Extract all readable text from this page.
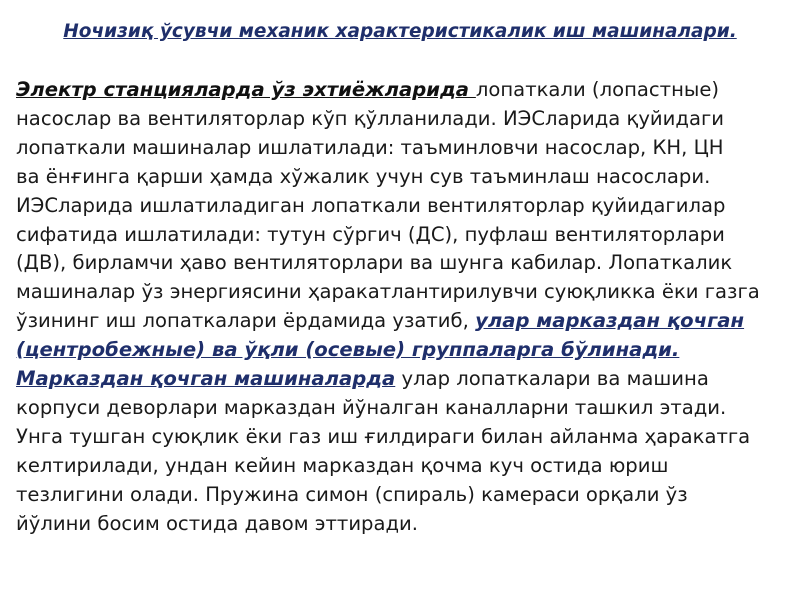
Ночизиқ ўсувчи механик характеристикалик иш машиналари.
Электр станцияларда ўз эхтиёжларида лопаткали (лопастные)
насослар ва вентиляторлар кўп қўлланилади. ИЭСларида қуйидаги
лопаткали машиналар ишлатилади: таъминловчи насослар, КН, ЦН
ва ёнғинга қарши ҳамда хўжалик учун сув таъминлаш насослари.
ИЭСларида ишлатиладиган лопаткали вентиляторлар қуйидагилар
сифатида ишлатилади: тутун сўргич (ДС), пуфлаш вентиляторлари
(ДВ), бирламчи ҳаво вентиляторлари ва шунга кабилар. Лопаткалик
машиналар ўз энергиясини ҳаракатлантирилувчи суюқликка ёки газга
ўзининг иш лопаткалари ёрдамида узатиб, улар марказдан қочган
(центробежные) ва ўқли (осевые) группаларга бўлинади.
Марказдан қочган машиналарда улар лопаткалари ва машина
корпуси деворлари марказдан йўналган каналларни ташкил этади.
Унга тушган суюқлик ёки газ иш ғилдираги билан айланма ҳаракатга
келтирилади, ундан кейин марказдан қочма куч остида юриш
тезлигини олади. Пружина симон (спираль) камераси орқали ўз
йўлини босим остида давом эттиради.
